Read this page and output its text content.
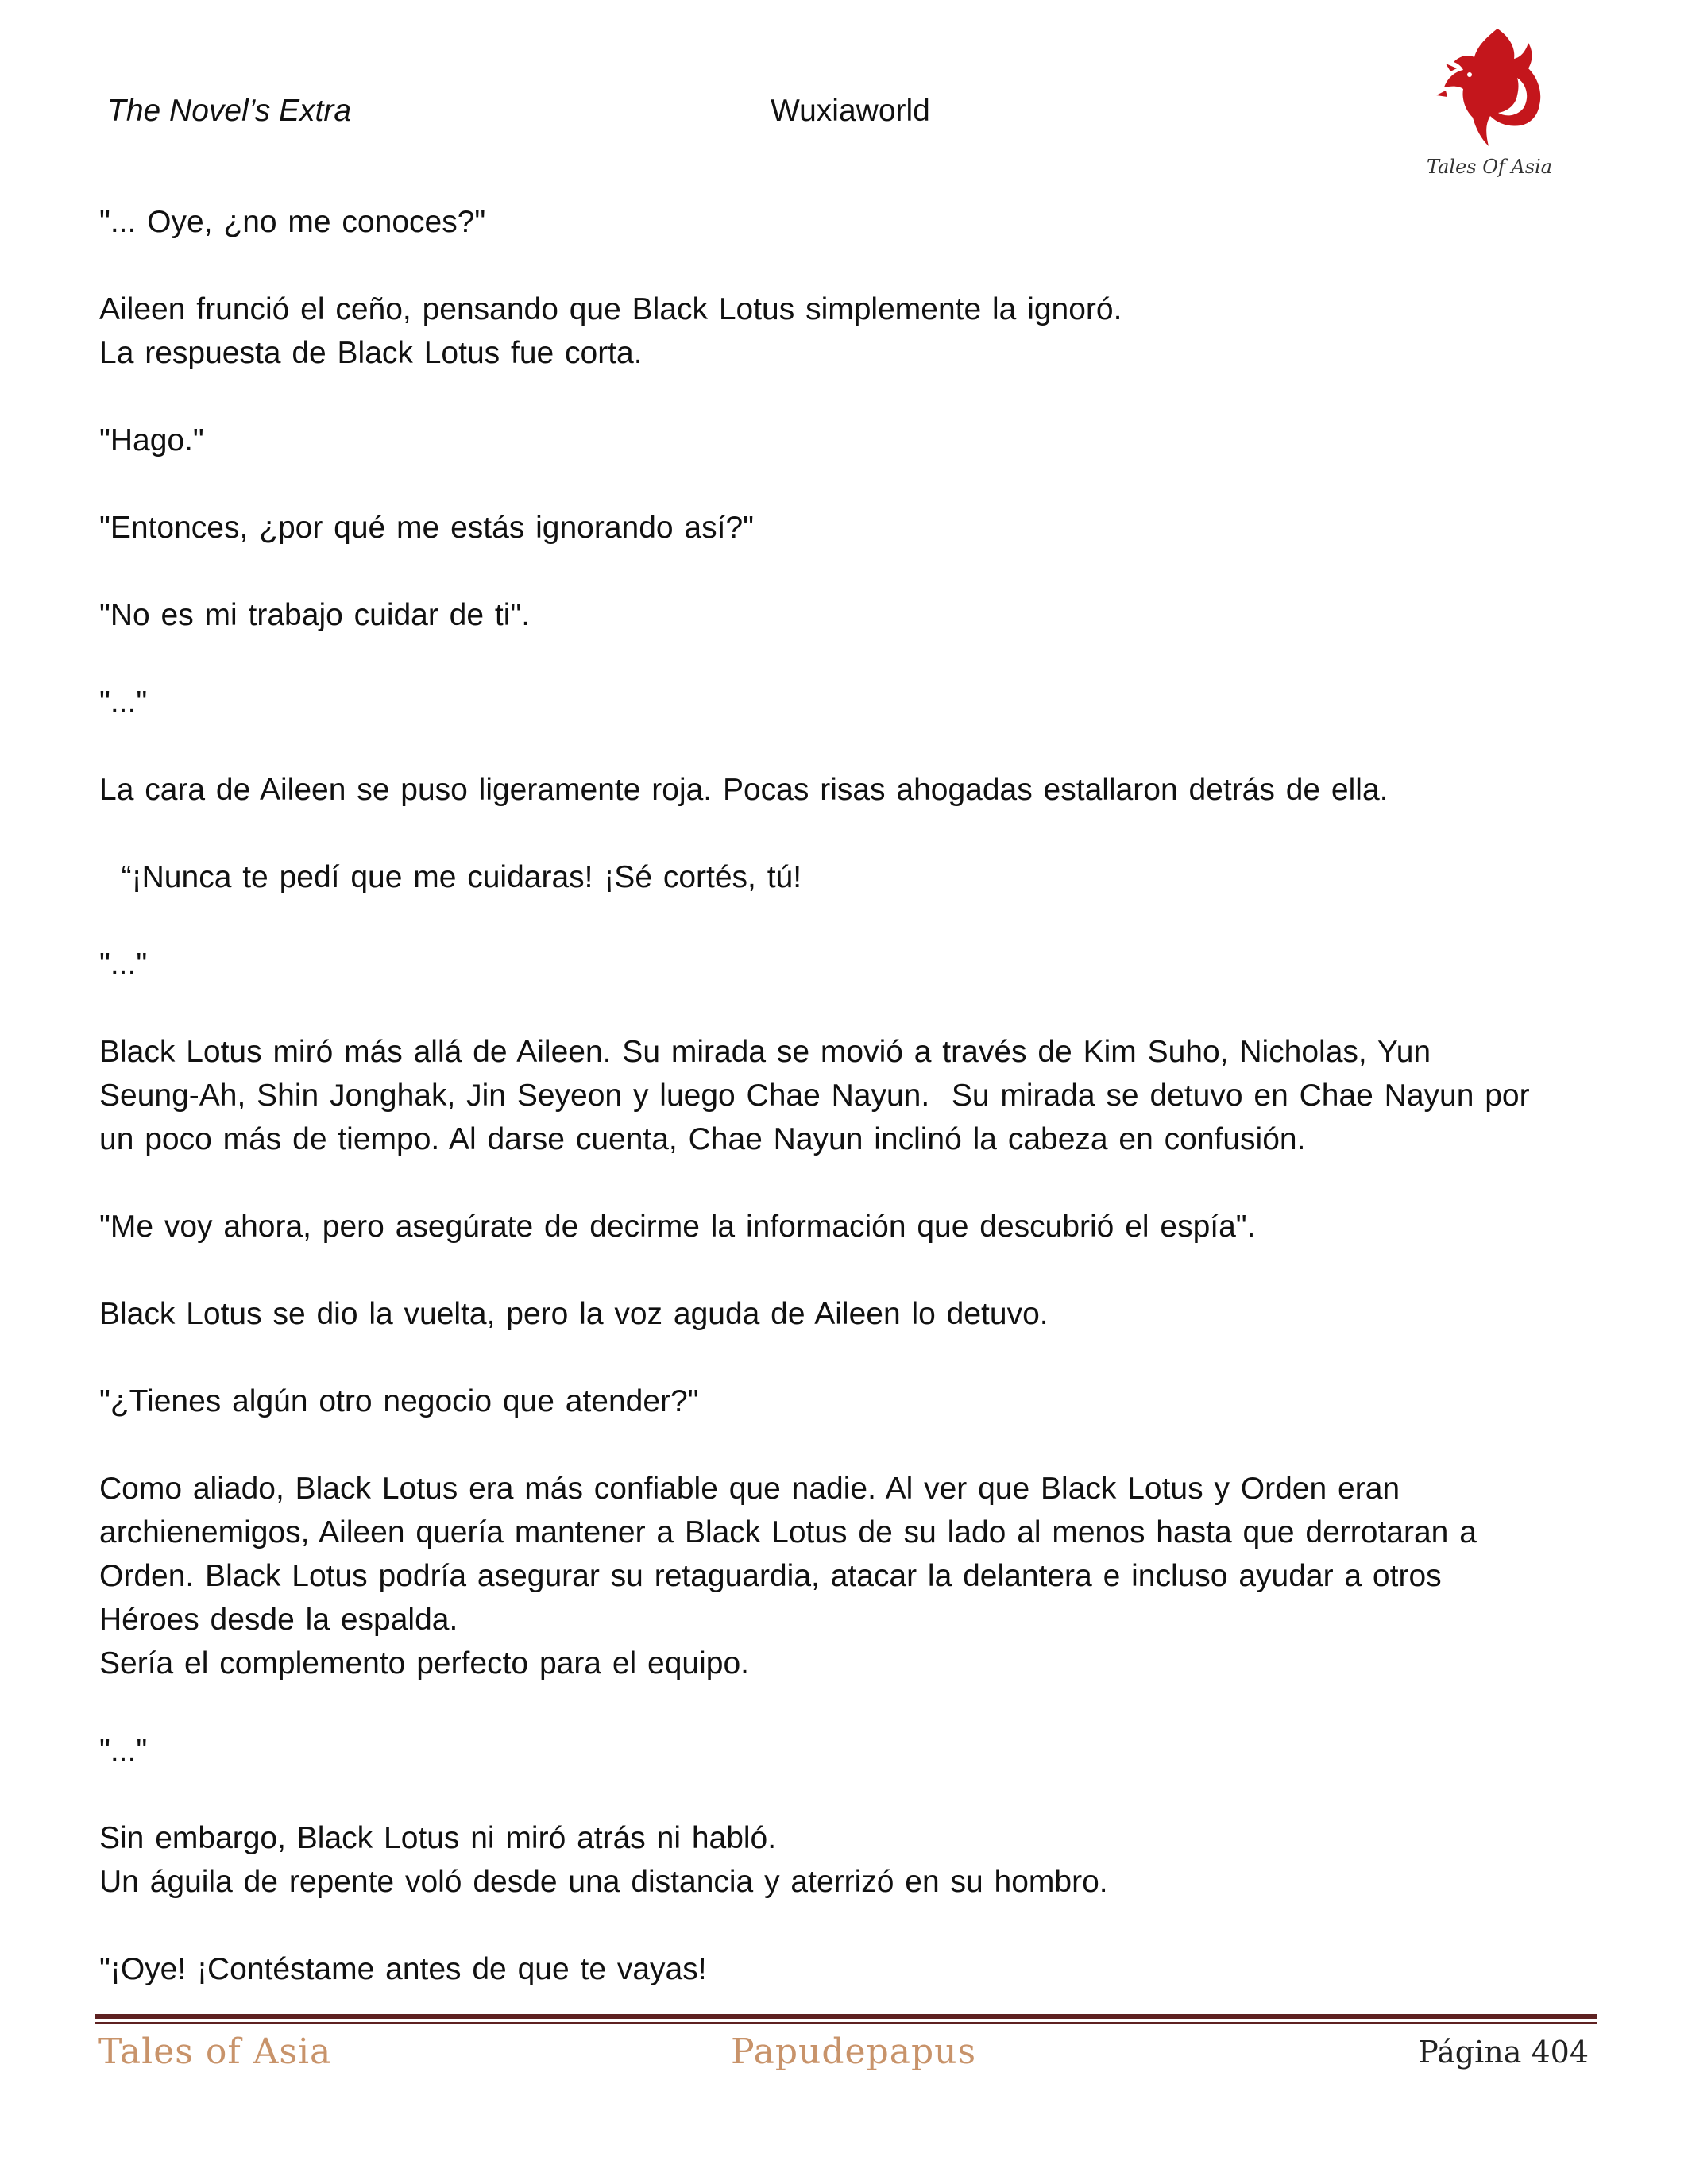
The Novel’s Extra	Wuxiaworld
Tales Of Asia
"... Oye, ¿no me conoces?"
Aileen frunció el ceño, pensando que Black Lotus simplemente la ignoró.
La respuesta de Black Lotus fue corta.
"Hago."
"Entonces, ¿por qué me estás ignorando así?"
"No es mi trabajo cuidar de ti".
"..."
La cara de Aileen se puso ligeramente roja. Pocas risas ahogadas estallaron detrás de ella.
“¡Nunca te pedí que me cuidaras! ¡Sé cortés, tú!
"..."
Black Lotus miró más allá de Aileen. Su mirada se movió a través de Kim Suho, Nicholas, Yun
Seung-Ah, Shin Jonghak, Jin Seyeon y luego Chae Nayun.  Su mirada se detuvo en Chae Nayun por
un poco más de tiempo. Al darse cuenta, Chae Nayun inclinó la cabeza en confusión.
"Me voy ahora, pero asegúrate de decirme la información que descubrió el espía".
Black Lotus se dio la vuelta, pero la voz aguda de Aileen lo detuvo.
"¿Tienes algún otro negocio que atender?"
Como aliado, Black Lotus era más confiable que nadie. Al ver que Black Lotus y Orden eran
archienemigos, Aileen quería mantener a Black Lotus de su lado al menos hasta que derrotaran a
Orden. Black Lotus podría asegurar su retaguardia, atacar la delantera e incluso ayudar a otros
Héroes desde la espalda.
Sería el complemento perfecto para el equipo.
"..."
Sin embargo, Black Lotus ni miró atrás ni habló.
Un águila de repente voló desde una distancia y aterrizó en su hombro.
"¡Oye! ¡Contéstame antes de que te vayas!
Tales of Asia	Papudepapus	Página 404
